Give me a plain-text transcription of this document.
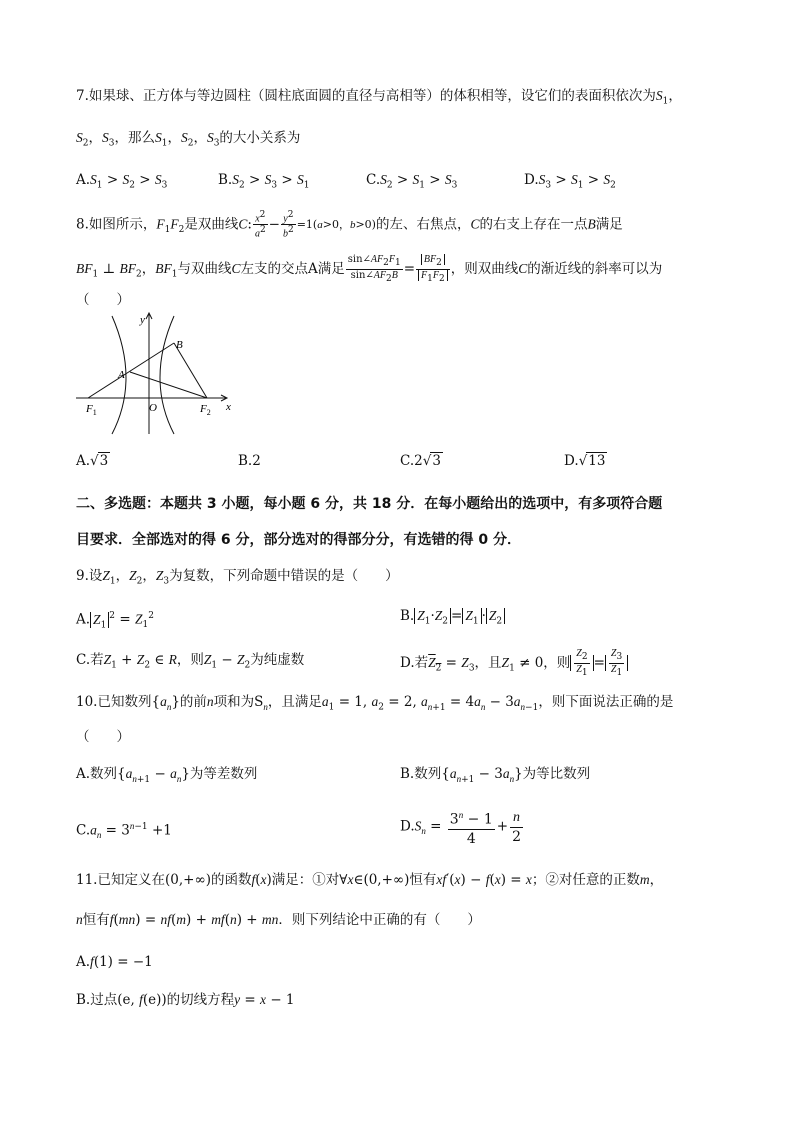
7.如果球、正方体与等边圆柱（圆柱底面圆的直径与高相等）的体积相等，设它们的表面积依次为$S_1$，
$S_2$，$S_3$，那么$S_1$，$S_2$，$S_3$的大小关系为
$A.S_1 > S_2 > S_3$	$B.S_2 > S_3 > S_1$	$C.S_2 > S_1 > S_3$	$D.S_3 > S_1 > S_2$
8.如图所示，$F_1F_2$是双曲线C: $\frac{x^2}{a^2} - \frac{y^2}{b^2} =1(a>0$，b>0)的左、右焦点，C的右支上存在一点B满足
$BF_1$ ⊥ $BF_2$，$BF_1$与双曲线C左支的交点A满足 $\frac{\sin\angle AF_2F_1}{\sin\angle AF_2B} = \frac{BF_2}{F_1F_2}$ ，则双曲线C的渐近线的斜率可以为
（　　）
y
x
B
A
O
$F_1$	$F_2$
A.√3	B.2	C.2√3	D.√13
二、多选题：本题共 3 小题，每小题 6 分，共 18 分．在每小题给出的选项中，有多项符合题
目要求．全部选对的得 6 分，部分选对的得部分分，有选错的得 0 分．
9.设$Z_1$，$Z_2$，$Z_3$为复数，下列命题中错误的是（　　）
A. $Z_1^2 = Z_1^2$	B. $Z_1\cdot Z_2 = Z_1 \cdot Z_2$
C.若$Z_1 + Z_2$ ∈ R，则$Z_1 - Z_2$为纯虚数	D.若$Z_2 = Z_3$，且$Z_1 \ne 0$，则 $\frac{Z_2}{Z_1} = \frac{Z_3}{Z_1}$
10.已知数列$\{a_n\}$的前n项和为$S_n$，且满足$a_1 = 1$, $a_2 = 2$, $a_{n+1} = 4a_n - 3a_{n-1}$，则下面说法正确的是
（　　）
A.数列$\{a_{n+1} - a_n\}$为等差数列	B.数列$\{a_{n+1} - 3a_n\}$为等比数列
$C.a_n = 3^{n-1} +1$	$D.S_n = \frac{3^n - 1}{4} + \frac{n}{2}$
11.已知定义在(0,+∞)的函数f(x)满足：①对∀x∈(0,+∞)恒有xf′(x) − f(x) = x；②对任意的正数m，
n恒有f(mn) = nf(m) + mf(n) + mn．则下列结论中正确的有（　　）
A.f(1) = −1
B.过点(e, f(e))的切线方程y = x − 1
